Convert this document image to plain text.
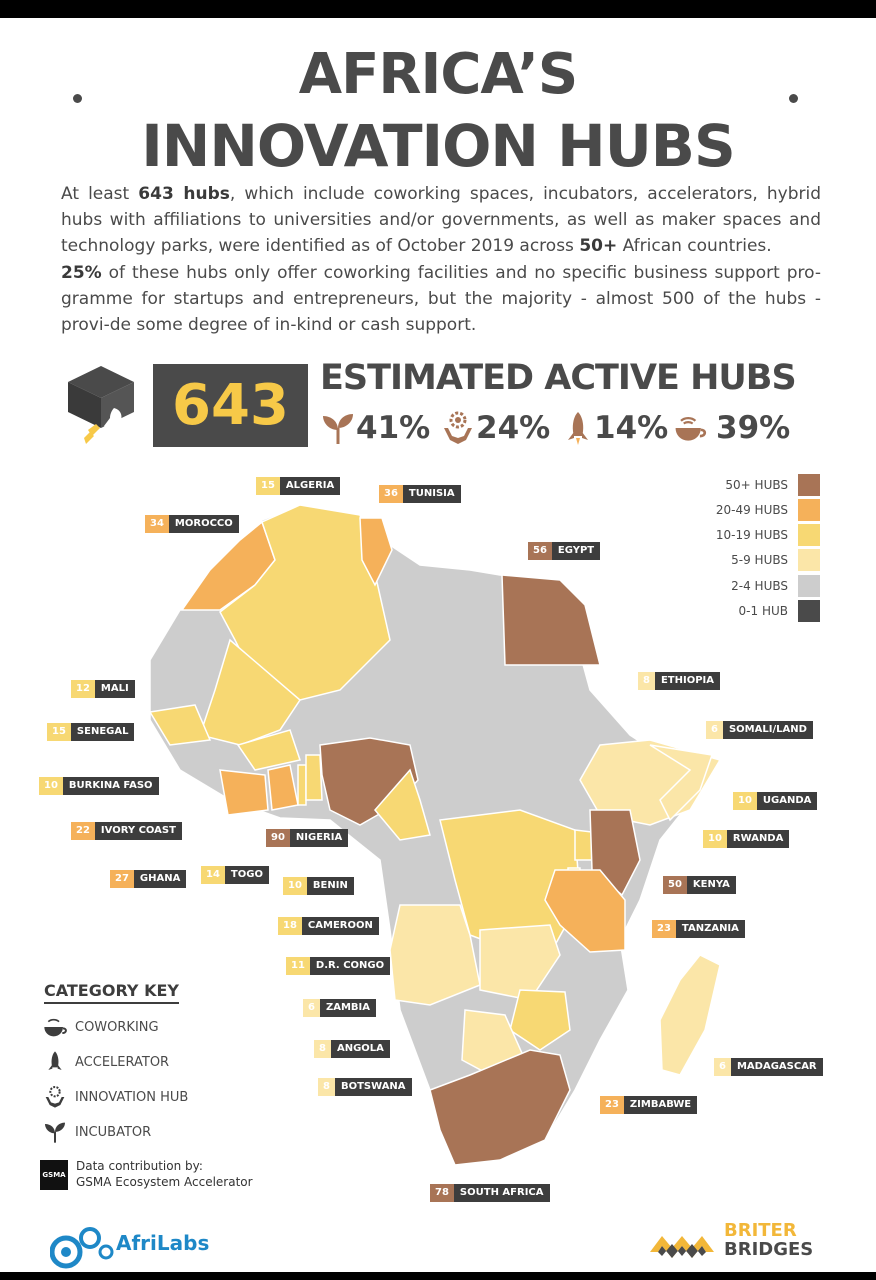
AFRICA’S
INNOVATION HUBS
At least 643 hubs, which include coworking spaces, incubators, accelerators, hybrid hubs with affiliations to universities and/or governments, as well as maker spaces and technology parks, were identified as of October 2019 across 50+ African countries.
25% of these hubs only offer coworking facilities and no specific business support pro-gramme for startups and entrepreneurs, but the majority - almost 500 of the hubs - provi-de some degree of in-kind or cash support.
643 ESTIMATED ACTIVE HUBS
41% 24% 14% 39%
50+ HUBS
20-49 HUBS
10-19 HUBS
5-9 HUBS
2-4 HUBS
0-1 HUB
15	ALGERIA
36	TUNISIA
34	MOROCCO
56	EGYPT
8	ETHIOPIA
6	SOMALI/LAND
12	MALI
15	SENEGAL
10	BURKINA FASO
10	UGANDA
10	RWANDA
22	IVORY COAST
90	NIGERIA
27	GHANA	14	TOGO
10	BENIN	50	KENYA
18	CAMEROON	23	TANZANIA
11	D.R. CONGO
6	ZAMBIA
8	ANGOLA
6	MADAGASCAR
8	BOTSWANA
23	ZIMBABWE
78	SOUTH AFRICA
CATEGORY KEY
COWORKING
ACCELERATOR
INNOVATION HUB
INCUBATOR
GSMA
Data contribution by:
GSMA Ecosystem Accelerator
AfriLabs
BRITER
BRIDGES
